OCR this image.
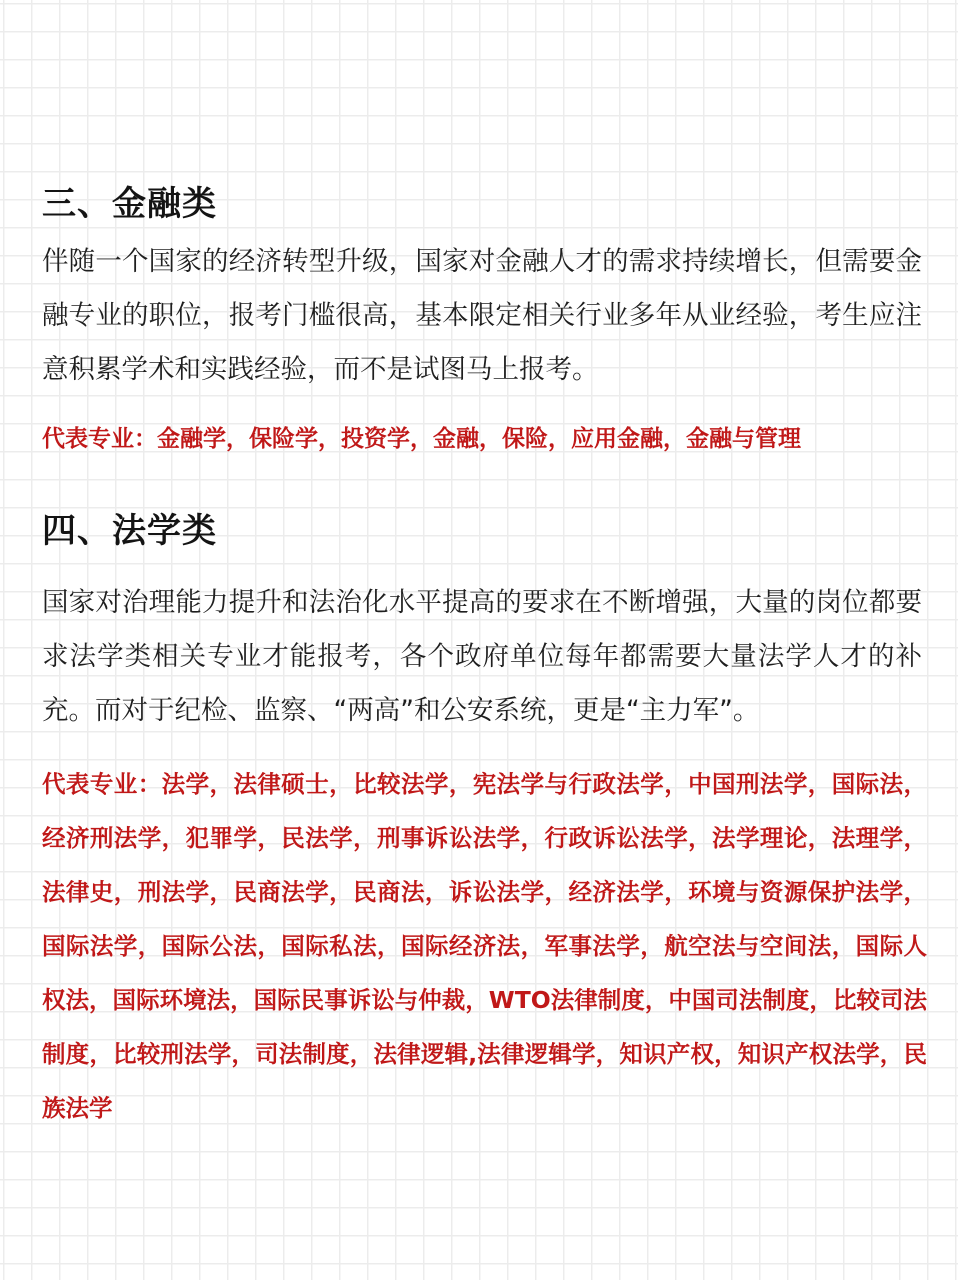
三、金融类

伴随一个国家的经济转型升级，国家对金融人才的需求持续增长，但需要金融专业的职位，报考门槛很高，基本限定相关行业多年从业经验，考生应注意积累学术和实践经验，而不是试图马上报考。

代表专业：金融学，保险学，投资学，金融，保险，应用金融，金融与管理

四、法学类

国家对治理能力提升和法治化水平提高的要求在不断增强，大量的岗位都要求法学类相关专业才能报考，各个政府单位每年都需要大量法学人才的补充。而对于纪检、监察、“两高”和公安系统，更是“主力军”。

代表专业：法学，法律硕士，比较法学，宪法学与行政法学，中国刑法学，国际法，经济刑法学，犯罪学，民法学，刑事诉讼法学，行政诉讼法学，法学理论，法理学，法律史，刑法学，民商法学，民商法，诉讼法学，经济法学，环境与资源保护法学，国际法学，国际公法，国际私法，国际经济法，军事法学，航空法与空间法，国际人权法，国际环境法，国际民事诉讼与仲裁，WTO法律制度，中国司法制度，比较司法制度，比较刑法学，司法制度，法律逻辑,法律逻辑学，知识产权，知识产权法学，民族法学
